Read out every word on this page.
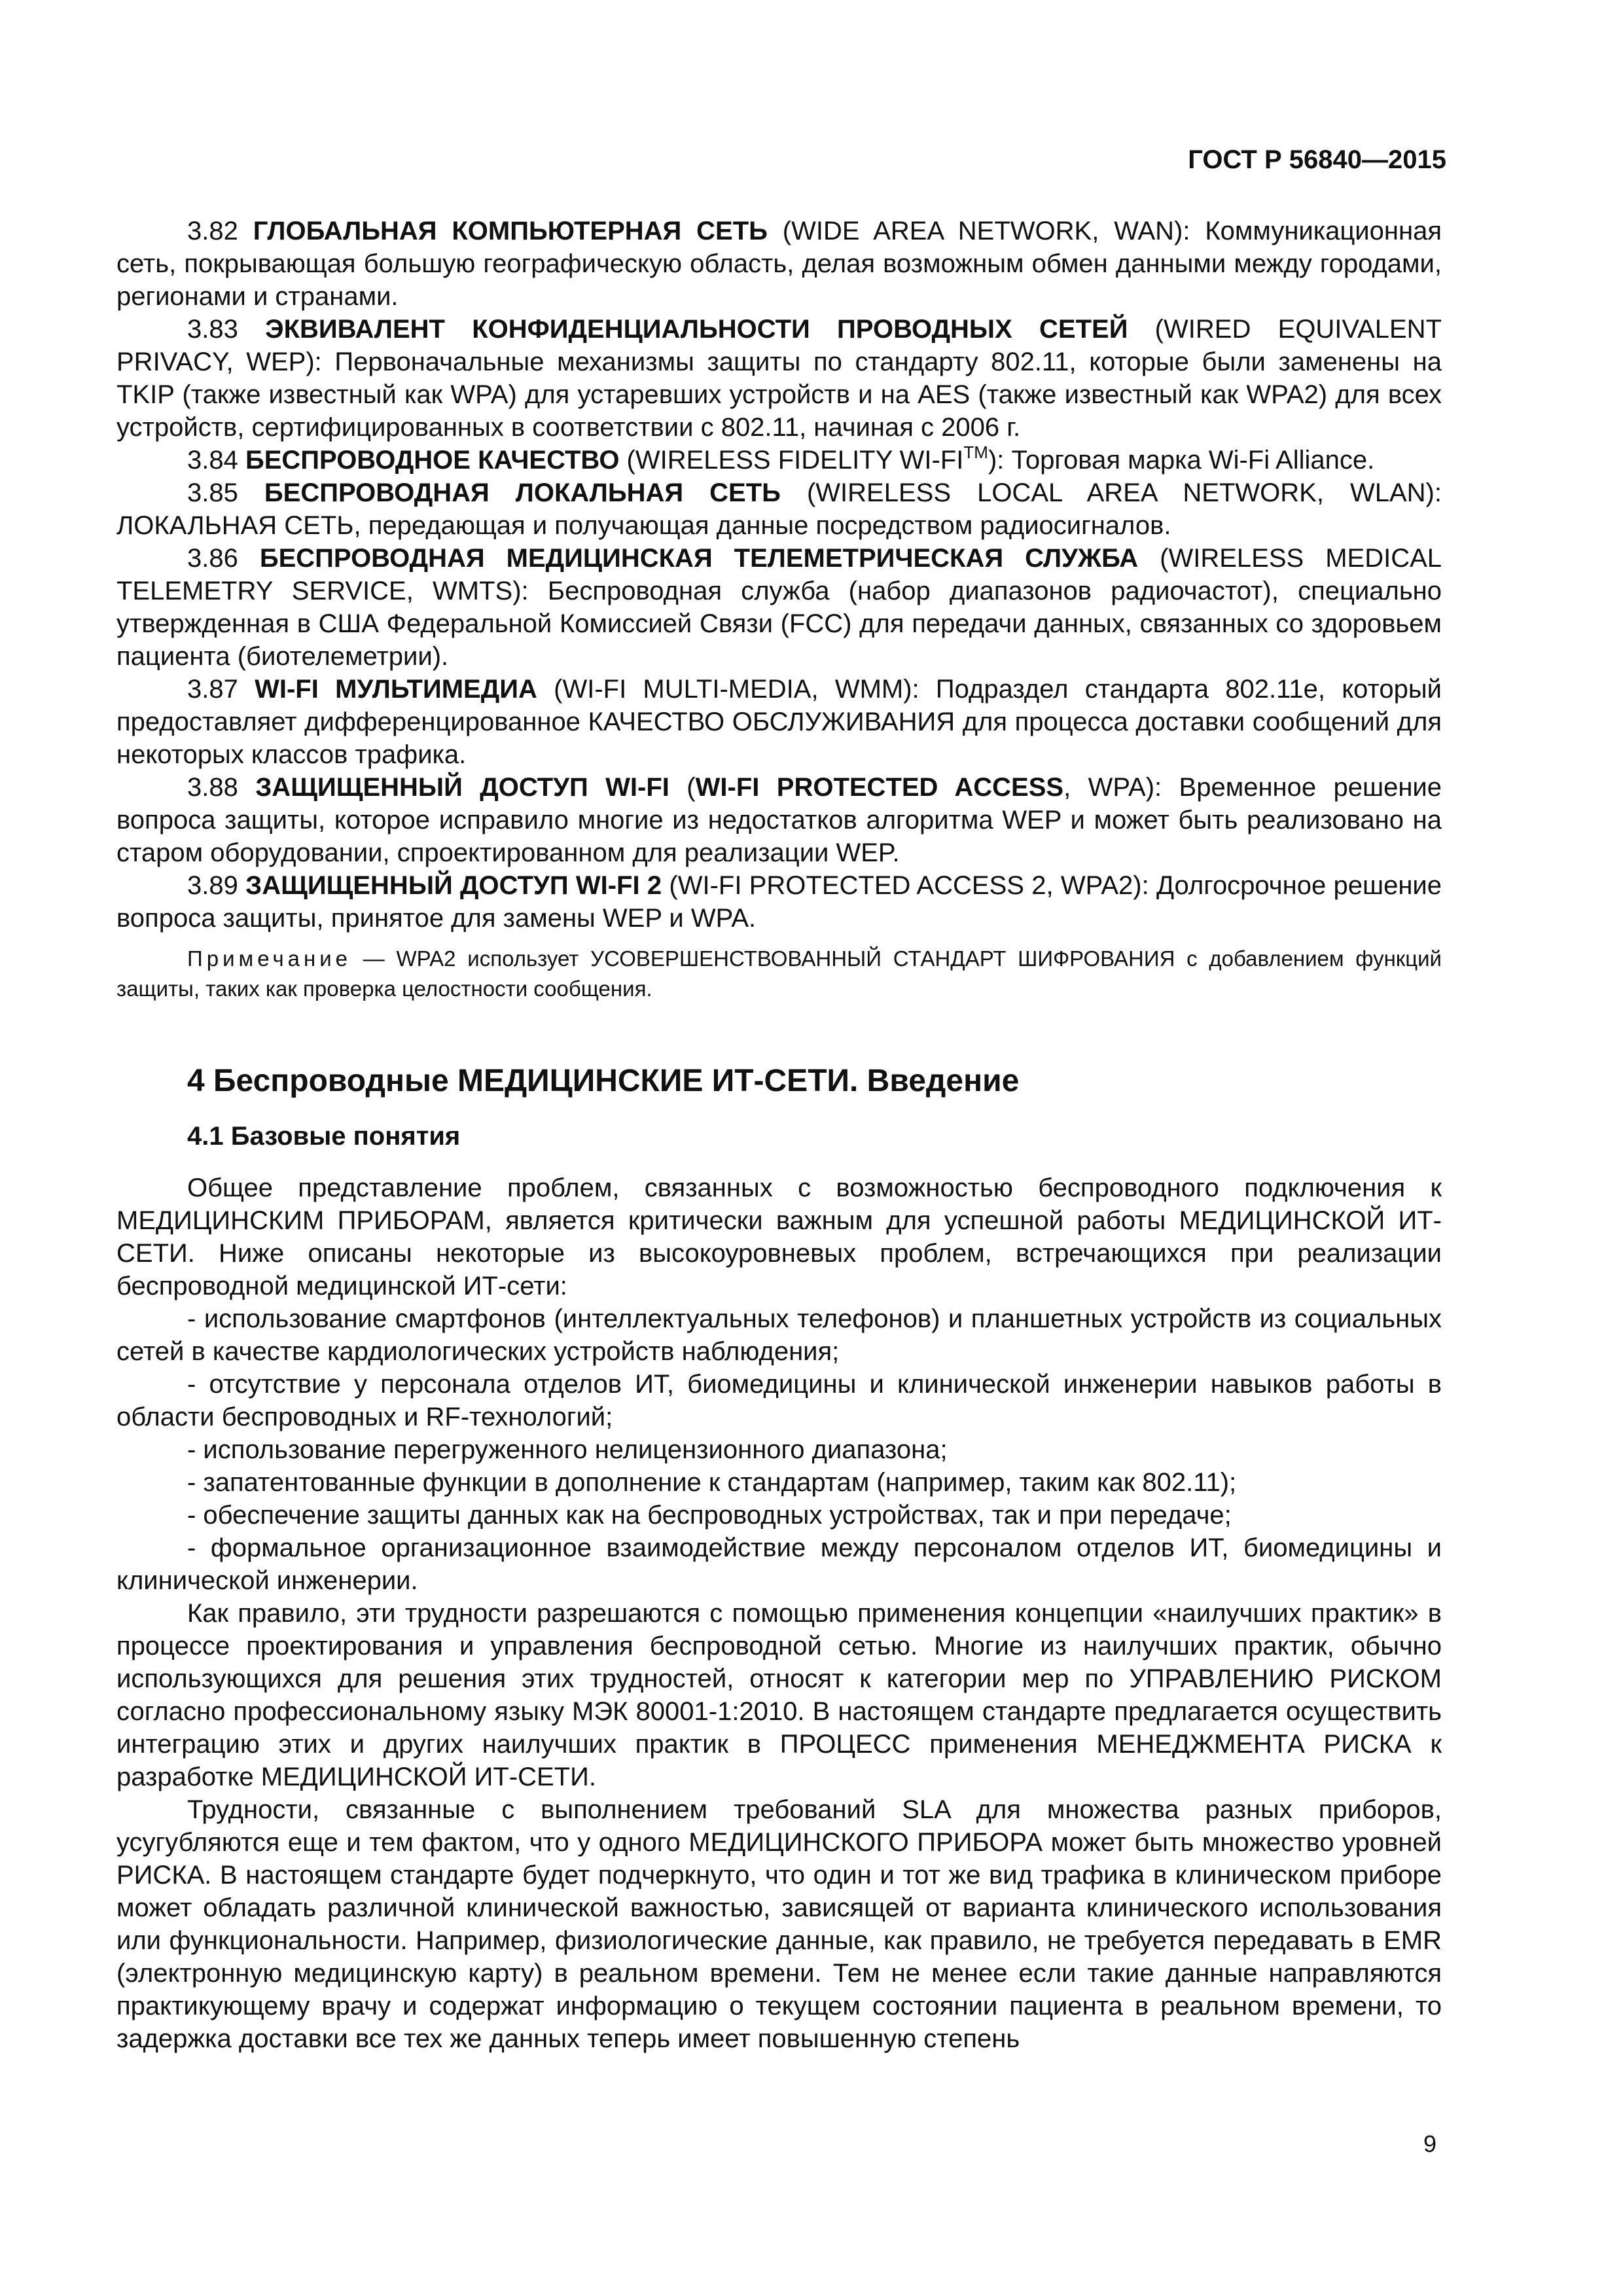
ГОСТ Р 56840—2015

3.82 ГЛОБАЛЬНАЯ КОМПЬЮТЕРНАЯ СЕТЬ (WIDE AREA NETWORK, WAN): Коммуникационная сеть, покрывающая большую географическую область, делая возможным обмен данными между городами, регионами и странами.

3.83 ЭКВИВАЛЕНТ КОНФИДЕНЦИАЛЬНОСТИ ПРОВОДНЫХ СЕТЕЙ (WIRED EQUIVALENT PRIVACY, WEP): Первоначальные механизмы защиты по стандарту 802.11, которые были заменены на TKIP (также известный как WPA) для устаревших устройств и на AES (также известный как WPA2) для всех устройств, сертифицированных в соответствии с 802.11, начиная с 2006 г.

3.84 БЕСПРОВОДНОЕ КАЧЕСТВО (WIRELESS FIDELITY WI-FI™): Торговая марка Wi-Fi Alliance.

3.85 БЕСПРОВОДНАЯ ЛОКАЛЬНАЯ СЕТЬ (WIRELESS LOCAL AREA NETWORK, WLAN): ЛОКАЛЬНАЯ СЕТЬ, передающая и получающая данные посредством радиосигналов.

3.86 БЕСПРОВОДНАЯ МЕДИЦИНСКАЯ ТЕЛЕМЕТРИЧЕСКАЯ СЛУЖБА (WIRELESS MEDICAL TELEMETRY SERVICE, WMTS): Беспроводная служба (набор диапазонов радиочастот), специально утвержденная в США Федеральной Комиссией Связи (FCC) для передачи данных, связанных со здоровьем пациента (биотелеметрии).

3.87 WI-FI МУЛЬТИМЕДИА (WI-FI MULTI-MEDIA, WMM): Подраздел стандарта 802.11e, который предоставляет дифференцированное КАЧЕСТВО ОБСЛУЖИВАНИЯ для процесса доставки сообщений для некоторых классов трафика.

3.88 ЗАЩИЩЕННЫЙ ДОСТУП WI-FI (WI-FI PROTECTED ACCESS, WPA): Временное решение вопроса защиты, которое исправило многие из недостатков алгоритма WEP и может быть реализовано на старом оборудовании, спроектированном для реализации WEP.

3.89 ЗАЩИЩЕННЫЙ ДОСТУП WI-FI 2 (WI-FI PROTECTED ACCESS 2, WPA2): Долгосрочное решение вопроса защиты, принятое для замены WEP и WPA.

Примечание — WPA2 использует УСОВЕРШЕНСТВОВАННЫЙ СТАНДАРТ ШИФРОВАНИЯ с добавлением функций защиты, таких как проверка целостности сообщения.

4 Беспроводные МЕДИЦИНСКИЕ ИТ-СЕТИ. Введение
4.1 Базовые понятия

Общее представление проблем, связанных с возможностью беспроводного подключения к МЕДИЦИНСКИМ ПРИБОРАМ, является критически важным для успешной работы МЕДИЦИНСКОЙ ИТ-СЕТИ. Ниже описаны некоторые из высокоуровневых проблем, встречающихся при реализации беспроводной медицинской ИТ-сети:

- использование смартфонов (интеллектуальных телефонов) и планшетных устройств из социальных сетей в качестве кардиологических устройств наблюдения;

- отсутствие у персонала отделов ИТ, биомедицины и клинической инженерии навыков работы в области беспроводных и RF-технологий;

- использование перегруженного нелицензионного диапазона;

- запатентованные функции в дополнение к стандартам (например, таким как 802.11);

- обеспечение защиты данных как на беспроводных устройствах, так и при передаче;

- формальное организационное взаимодействие между персоналом отделов ИТ, биомедицины и клинической инженерии.

Как правило, эти трудности разрешаются с помощью применения концепции «наилучших практик» в процессе проектирования и управления беспроводной сетью. Многие из наилучших практик, обычно использующихся для решения этих трудностей, относят к категории мер по УПРАВЛЕНИЮ РИСКОМ согласно профессиональному языку МЭК 80001-1:2010. В настоящем стандарте предлагается осуществить интеграцию этих и других наилучших практик в ПРОЦЕСС применения МЕНЕДЖМЕНТА РИСКА к разработке МЕДИЦИНСКОЙ ИТ-СЕТИ.

Трудности, связанные с выполнением требований SLA для множества разных приборов, усугубляются еще и тем фактом, что у одного МЕДИЦИНСКОГО ПРИБОРА может быть множество уровней РИСКА. В настоящем стандарте будет подчеркнуто, что один и тот же вид трафика в клиническом приборе может обладать различной клинической важностью, зависящей от варианта клинического использования или функциональности. Например, физиологические данные, как правило, не требуется передавать в EMR (электронную медицинскую карту) в реальном времени. Тем не менее если такие данные направляются практикующему врачу и содержат информацию о текущем состоянии пациента в реальном времени, то задержка доставки все тех же данных теперь имеет повышенную степень

9
